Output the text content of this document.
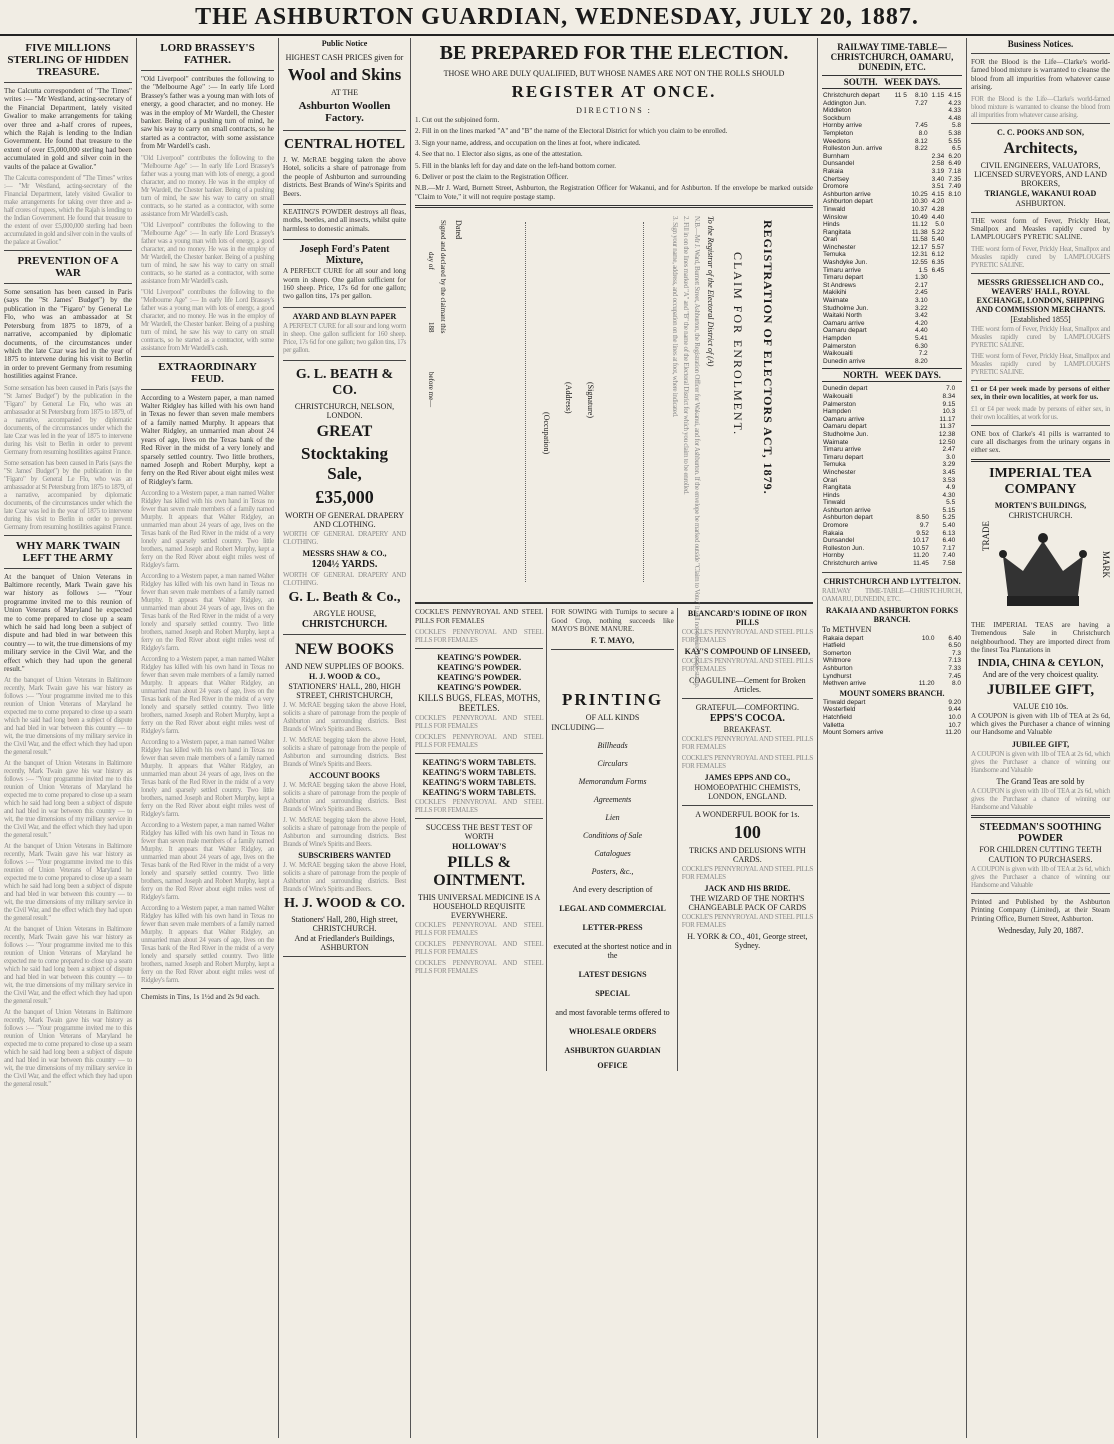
THE ASHBURTON GUARDIAN, WEDNESDAY, JULY 20, 1887.
FIVE MILLIONS STERLING OF HIDDEN TREASURE.

The Calcutta correspondent of "The Times" writes :— "Mr Westland, acting-secretary of the Financial Department, lately visited Gwalior to make arrangements for taking over three and a-half crores of rupees, which the Rajah is lending to the Indian Government. He found that treasure to the extent of over £5,000,000 sterling had been accumulated in gold and silver coin in the vaults of the palace at Gwalior."

The Calcutta correspondent of "The Times" writes :— "Mr Westland, acting-secretary of the Financial Department, lately visited Gwalior to make arrangements for taking over three and a-half crores of rupees, which the Rajah is lending to the Indian Government. He found that treasure to the extent of over £5,000,000 sterling had been accumulated in gold and silver coin in the vaults of the palace at Gwalior."

PREVENTION OF A WAR

Some sensation has been caused in Paris (says the "St James' Budget") by the publication in the "Figaro" by General Le Flo, who was an ambassador at St Petersburg from 1875 to 1879, of a narrative, accompanied by diplomatic documents, of the circumstances under which the late Czar was led in the year of 1875 to intervene during his visit to Berlin in order to prevent Germany from resuming hostilities against France.

Some sensation has been caused in Paris (says the "St James' Budget") by the publication in the "Figaro" by General Le Flo, who was an ambassador at St Petersburg from 1875 to 1879, of a narrative, accompanied by diplomatic documents, of the circumstances under which the late Czar was led in the year of 1875 to intervene during his visit to Berlin in order to prevent Germany from resuming hostilities against France.

Some sensation has been caused in Paris (says the "St James' Budget") by the publication in the "Figaro" by General Le Flo, who was an ambassador at St Petersburg from 1875 to 1879, of a narrative, accompanied by diplomatic documents, of the circumstances under which the late Czar was led in the year of 1875 to intervene during his visit to Berlin in order to prevent Germany from resuming hostilities against France.

WHY MARK TWAIN LEFT THE ARMY

At the banquet of Union Veterans in Baltimore recently, Mark Twain gave his war history as follows :— "Your programme invited me to this reunion of Union Veterans of Maryland he expected me to come prepared to close up a seam which he said had long been a subject of dispute and had bled in war between this country — to wit, the true dimensions of my military service in the Civil War, and the effect which they had upon the general result."

At the banquet of Union Veterans in Baltimore recently, Mark Twain gave his war history as follows :— "Your programme invited me to this reunion of Union Veterans of Maryland he expected me to come prepared to close up a seam which he said had long been a subject of dispute and had bled in war between this country — to wit, the true dimensions of my military service in the Civil War, and the effect which they had upon the general result."

At the banquet of Union Veterans in Baltimore recently, Mark Twain gave his war history as follows :— "Your programme invited me to this reunion of Union Veterans of Maryland he expected me to come prepared to close up a seam which he said had long been a subject of dispute and had bled in war between this country — to wit, the true dimensions of my military service in the Civil War, and the effect which they had upon the general result."

At the banquet of Union Veterans in Baltimore recently, Mark Twain gave his war history as follows :— "Your programme invited me to this reunion of Union Veterans of Maryland he expected me to come prepared to close up a seam which he said had long been a subject of dispute and had bled in war between this country — to wit, the true dimensions of my military service in the Civil War, and the effect which they had upon the general result."

At the banquet of Union Veterans in Baltimore recently, Mark Twain gave his war history as follows :— "Your programme invited me to this reunion of Union Veterans of Maryland he expected me to come prepared to close up a seam which he said had long been a subject of dispute and had bled in war between this country — to wit, the true dimensions of my military service in the Civil War, and the effect which they had upon the general result."

At the banquet of Union Veterans in Baltimore recently, Mark Twain gave his war history as follows :— "Your programme invited me to this reunion of Union Veterans of Maryland he expected me to come prepared to close up a seam which he said had long been a subject of dispute and had bled in war between this country — to wit, the true dimensions of my military service in the Civil War, and the effect which they had upon the general result."

LORD BRASSEY'S FATHER.

"Old Liverpool" contributes the following to the "Melbourne Age" :— In early life Lord Brassey's father was a young man with lots of energy, a good character, and no money. He was in the employ of Mr Wardell, the Chester banker. Being of a pushing turn of mind, he saw his way to carry on small contracts, so he started as a contractor, with some assistance from Mr Wardell's cash.

"Old Liverpool" contributes the following to the "Melbourne Age" :— In early life Lord Brassey's father was a young man with lots of energy, a good character, and no money. He was in the employ of Mr Wardell, the Chester banker. Being of a pushing turn of mind, he saw his way to carry on small contracts, so he started as a contractor, with some assistance from Mr Wardell's cash.

"Old Liverpool" contributes the following to the "Melbourne Age" :— In early life Lord Brassey's father was a young man with lots of energy, a good character, and no money. He was in the employ of Mr Wardell, the Chester banker. Being of a pushing turn of mind, he saw his way to carry on small contracts, so he started as a contractor, with some assistance from Mr Wardell's cash.

"Old Liverpool" contributes the following to the "Melbourne Age" :— In early life Lord Brassey's father was a young man with lots of energy, a good character, and no money. He was in the employ of Mr Wardell, the Chester banker. Being of a pushing turn of mind, he saw his way to carry on small contracts, so he started as a contractor, with some assistance from Mr Wardell's cash.

EXTRAORDINARY FEUD.

According to a Western paper, a man named Walter Ridgley has killed with his own hand in Texas no fewer than seven male members of a family named Murphy. It appears that Walter Ridgley, an unmarried man about 24 years of age, lives on the Texas bank of the Red River in the midst of a very lonely and sparsely settled country. Two little brothers, named Joseph and Robert Murphy, kept a ferry on the Red River about eight miles west of Ridgley's farm.

According to a Western paper, a man named Walter Ridgley has killed with his own hand in Texas no fewer than seven male members of a family named Murphy. It appears that Walter Ridgley, an unmarried man about 24 years of age, lives on the Texas bank of the Red River in the midst of a very lonely and sparsely settled country. Two little brothers, named Joseph and Robert Murphy, kept a ferry on the Red River about eight miles west of Ridgley's farm.

According to a Western paper, a man named Walter Ridgley has killed with his own hand in Texas no fewer than seven male members of a family named Murphy. It appears that Walter Ridgley, an unmarried man about 24 years of age, lives on the Texas bank of the Red River in the midst of a very lonely and sparsely settled country. Two little brothers, named Joseph and Robert Murphy, kept a ferry on the Red River about eight miles west of Ridgley's farm.

According to a Western paper, a man named Walter Ridgley has killed with his own hand in Texas no fewer than seven male members of a family named Murphy. It appears that Walter Ridgley, an unmarried man about 24 years of age, lives on the Texas bank of the Red River in the midst of a very lonely and sparsely settled country. Two little brothers, named Joseph and Robert Murphy, kept a ferry on the Red River about eight miles west of Ridgley's farm.

According to a Western paper, a man named Walter Ridgley has killed with his own hand in Texas no fewer than seven male members of a family named Murphy. It appears that Walter Ridgley, an unmarried man about 24 years of age, lives on the Texas bank of the Red River in the midst of a very lonely and sparsely settled country. Two little brothers, named Joseph and Robert Murphy, kept a ferry on the Red River about eight miles west of Ridgley's farm.

According to a Western paper, a man named Walter Ridgley has killed with his own hand in Texas no fewer than seven male members of a family named Murphy. It appears that Walter Ridgley, an unmarried man about 24 years of age, lives on the Texas bank of the Red River in the midst of a very lonely and sparsely settled country. Two little brothers, named Joseph and Robert Murphy, kept a ferry on the Red River about eight miles west of Ridgley's farm.

According to a Western paper, a man named Walter Ridgley has killed with his own hand in Texas no fewer than seven male members of a family named Murphy. It appears that Walter Ridgley, an unmarried man about 24 years of age, lives on the Texas bank of the Red River in the midst of a very lonely and sparsely settled country. Two little brothers, named Joseph and Robert Murphy, kept a ferry on the Red River about eight miles west of Ridgley's farm.

Chemists in Tins, 1s 1½d and 2s 9d each.

Public Notice
HIGHEST CASH PRICES given for
Wool and Skins
AT THE
Ashburton Woollen Factory.
CENTRAL HOTEL

J. W. McRAE begging taken the above Hotel, solicits a share of patronage from the people of Ashburton and surrounding districts. Best Brands of Wine's Spirits and Beers.

KEATING'S POWDER destroys all fleas, moths, beetles, and all insects, whilst quite harmless to domestic animals.

Joseph Ford's Patent Mixture,

A PERFECT CURE for all sour and long worm in sheep. One gallon sufficient for 160 sheep. Price, 17s 6d for one gallon; two gallon tins, 17s per gallon.

AYARD AND BLAYN PAPER

A PERFECT CURE for all sour and long worm in sheep. One gallon sufficient for 160 sheep. Price, 17s 6d for one gallon; two gallon tins, 17s per gallon.

G. L. BEATH & CO.
CHRISTCHURCH, NELSON, LONDON.
GREAT
Stocktaking Sale,
£35,000
WORTH OF GENERAL DRAPERY AND CLOTHING.

WORTH OF GENERAL DRAPERY AND CLOTHING.

MESSRS SHAW & CO.,
1204½ YARDS.

WORTH OF GENERAL DRAPERY AND CLOTHING.

G. L. Beath & Co.,
ARGYLE HOUSE,
CHRISTCHURCH.
NEW BOOKS
AND NEW SUPPLIES OF BOOKS.
H. J. WOOD & CO.,
STATIONERS' HALL, 280, HIGH STREET, CHRISTCHURCH,

J. W. McRAE begging taken the above Hotel, solicits a share of patronage from the people of Ashburton and surrounding districts. Best Brands of Wine's Spirits and Beers.

J. W. McRAE begging taken the above Hotel, solicits a share of patronage from the people of Ashburton and surrounding districts. Best Brands of Wine's Spirits and Beers.

ACCOUNT BOOKS

J. W. McRAE begging taken the above Hotel, solicits a share of patronage from the people of Ashburton and surrounding districts. Best Brands of Wine's Spirits and Beers.

J. W. McRAE begging taken the above Hotel, solicits a share of patronage from the people of Ashburton and surrounding districts. Best Brands of Wine's Spirits and Beers.

SUBSCRIBERS WANTED

J. W. McRAE begging taken the above Hotel, solicits a share of patronage from the people of Ashburton and surrounding districts. Best Brands of Wine's Spirits and Beers.

H. J. WOOD & CO.
Stationers' Hall, 280, High street, CHRISTCHURCH.
And at Friedlander's Buildings, ASHBURTON
BE PREPARED FOR THE ELECTION.
THOSE WHO ARE DULY QUALIFIED, BUT WHOSE NAMES ARE NOT ON THE ROLLS SHOULD
REGISTER AT ONCE.
DIRECTIONS :

1. Cut out the subjoined form.

2. Fill in on the lines marked "A" and "B" the name of the Electoral District for which you claim to be enrolled.

3. Sign your name, address, and occupation on the lines at foot, where indicated.

4. See that no. 1 Elector also signs, as one of the attestation.

5. Fill in the blanks left for day and date on the left-hand bottom corner.

6. Deliver or post the claim to the Registration Officer.

N.B.—Mr J. Ward, Burnett Street, Ashburton, the Registration Officer for Wakanui, and for Ashburton. If the envelope be marked outside "Claim to Vote," it will not require postage stamp.

REGISTRATION OF ELECTORS ACT, 1879.
CLAIM FOR ENROLMENT.
To the Registrar of the Electoral District of (A)
N.B.—Mr J. Ward, Burnett Street, Ashburton, the Registration Officer for Wakanui, and for Ashburton. If the envelope be marked outside "Claim to Vote," it will not require postage stamp.
2. Fill in on the lines marked "A" and "B" the name of the Electoral District for which you claim to be enrolled.
3. Sign your name, address, and occupation on the lines at foot, where indicated.
(Signature)
(Address)
(Occupation)
Dated
Signed and declared by the claimant this
day of
188
before me—

COCKLE'S PENNYROYAL AND STEEL PILLS FOR FEMALES

COCKLE'S PENNYROYAL AND STEEL PILLS FOR FEMALES

KEATING'S POWDER.
KEATING'S POWDER.
KEATING'S POWDER.
KEATING'S POWDER.
KILLS BUGS, FLEAS, MOTHS, BEETLES.

COCKLE'S PENNYROYAL AND STEEL PILLS FOR FEMALES

COCKLE'S PENNYROYAL AND STEEL PILLS FOR FEMALES

KEATING'S WORM TABLETS.
KEATING'S WORM TABLETS.
KEATING'S WORM TABLETS.
KEATING'S WORM TABLETS.

COCKLE'S PENNYROYAL AND STEEL PILLS FOR FEMALES

SUCCESS THE BEST TEST OF WORTH
HOLLOWAY'S
PILLS & OINTMENT.
THIS UNIVERSAL MEDICINE IS A HOUSEHOLD REQUISITE EVERYWHERE.

COCKLE'S PENNYROYAL AND STEEL PILLS FOR FEMALES

COCKLE'S PENNYROYAL AND STEEL PILLS FOR FEMALES

COCKLE'S PENNYROYAL AND STEEL PILLS FOR FEMALES

FOR SOWING with Turnips to secure a Good Crop, nothing succeeds like MAYO'S BONE MANURE.

F. T. MAYO,
PRINTING
OF ALL KINDS
INCLUDING—
Billheads
Circulars
Memorandum Forms
Agreements
Lien
Conditions of Sale
Catalogues
Posters, &c.,
And every description of
LEGAL AND COMMERCIAL
LETTER-PRESS
executed at the shortest notice and in the
LATEST DESIGNS
SPECIAL
and most favorable terms offered to
WHOLESALE ORDERS
ASHBURTON GUARDIAN
OFFICE
BLANCARD'S IODINE OF IRON PILLS

COCKLE'S PENNYROYAL AND STEEL PILLS FOR FEMALES

KAY'S COMPOUND OF LINSEED,

COCKLE'S PENNYROYAL AND STEEL PILLS FOR FEMALES

COAGULINE—Cement for Broken Articles.
GRATEFUL—COMFORTING.
EPPS'S COCOA.
BREAKFAST.

COCKLE'S PENNYROYAL AND STEEL PILLS FOR FEMALES

COCKLE'S PENNYROYAL AND STEEL PILLS FOR FEMALES

JAMES EPPS AND CO.,
HOMOEOPATHIC CHEMISTS, LONDON, ENGLAND.
A WONDERFUL BOOK for 1s.
100
TRICKS AND DELUSIONS WITH CARDS.

COCKLE'S PENNYROYAL AND STEEL PILLS FOR FEMALES

JACK AND HIS BRIDE.
THE WIZARD OF THE NORTH'S CHANGEABLE PACK OF CARDS

COCKLE'S PENNYROYAL AND STEEL PILLS FOR FEMALES

H. YORK & CO., 401, George street, Sydney.
RAILWAY TIME-TABLE—CHRISTCHURCH, OAMARU, DUNEDIN, ETC.
SOUTH. WEEK DAYS.
Christchurch depart	11 5	8.10	1.15	4.15
Addington Jun.		7.27		4.23
Middleton				4.33
Sockburn				4.48
Hornby arrive		7.45		5.8
Templeton		8.0		5.38
Weedons		8.12		5.55
Rolleston Jun. arrive		8.22		6.5
Burnham			2.34	6.20
Dunsandel			2.58	6.49
Rakaia			3.19	7.18
Chertsey			3.40	7.35
Dromore			3.51	7.49
Ashburton arrive		10.25	4.15	8.10
Ashburton depart		10.30	4.20	
Tinwald		10.37	4.28	
Winslow		10.49	4.40	
Hinds		11.12	5.0	
Rangitata		11.38	5.22	
Orari		11.58	5.40	
Winchester		12.17	5.57	
Temuka		12.31	6.12	
Washdyke Jun.		12.55	6.35	
Timaru arrive		1.5	6.45	
Timaru depart		1.30		
St Andrews		2.17		
Makikihi		2.45		
Waimate		3.10		
Studholme Jun.		3.22		
Waitaki North		3.42		
Oamaru arrive		4.20		
Oamaru depart		4.40		
Hampden		5.41		
Palmerston		6.30		
Waikouaiti		7.2		
Dunedin arrive		8.20		
NORTH. WEEK DAYS.
Dunedin depart		7.0		
Waikouaiti		8.34		
Palmerston		9.15		
Hampden		10.3		
Oamaru arrive		11.17		
Oamaru depart		11.37		
Studholme Jun.		12.38		
Waimate		12.50		
Timaru arrive		2.47		
Timaru depart		3.0		
Temuka		3.29		
Winchester		3.45		
Orari		3.53		
Rangitata		4.9		
Hinds		4.30		
Tinwald		5.5		
Ashburton arrive		5.15		
Ashburton depart	8.50	5.25		
Dromore	9.7	5.40		
Rakaia	9.52	6.13		
Dunsandel	10.17	6.40		
Rolleston Jun.	10.57	7.17		
Hornby	11.20	7.40		
Christchurch arrive	11.45	7.58		
CHRISTCHURCH AND LYTTELTON.

RAILWAY TIME-TABLE—CHRISTCHURCH, OAMARU, DUNEDIN, ETC.

RAKAIA AND ASHBURTON FORKS BRANCH.
To METHVEN
Rakaia depart	10.0	6.40
Hatfield		6.50
Somerton		7.3
Whitmore		7.13
Ashburton		7.33
Lyndhurst		7.45
Methven arrive	11.20	8.0
MOUNT SOMERS BRANCH.
Tinwald depart		9.20
Westerfield		9.44
Hatchfield		10.0
Valletta		10.7
Mount Somers arrive		11.20
Business Notices.

FOR the Blood is the Life—Clarke's world-famed blood mixture is warranted to cleanse the blood from all impurities from whatever cause arising.

FOR the Blood is the Life—Clarke's world-famed blood mixture is warranted to cleanse the blood from all impurities from whatever cause arising.

C. C. POOKS AND SON,
Architects,
CIVIL ENGINEERS, VALUATORS, LICENSED SURVEYORS, AND LAND BROKERS,
TRIANGLE, WAKANUI ROAD
ASHBURTON.

THE worst form of Fever, Prickly Heat, Smallpox and Measles rapidly cured by LAMPLOUGH'S PYRETIC SALINE.

THE worst form of Fever, Prickly Heat, Smallpox and Measles rapidly cured by LAMPLOUGH'S PYRETIC SALINE.

MESSRS GRIESSELICH AND CO., WEAVERS' HALL, ROYAL EXCHANGE, LONDON, SHIPPING AND COMMISSION MERCHANTS.
[Established 1855]

THE worst form of Fever, Prickly Heat, Smallpox and Measles rapidly cured by LAMPLOUGH'S PYRETIC SALINE.

THE worst form of Fever, Prickly Heat, Smallpox and Measles rapidly cured by LAMPLOUGH'S PYRETIC SALINE.

£1 or £4 per week made by persons of either sex, in their own localities, at work for us.

£1 or £4 per week made by persons of either sex, in their own localities, at work for us.

ONE box of Clarke's 41 pills is warranted to cure all discharges from the urinary organs in either sex.

IMPERIAL TEA COMPANY
MORTEN'S BUILDINGS,
CHRISTCHURCH.
TRADE
MARK

THE IMPERIAL TEAS are having a Tremendous Sale in Christchurch neighbourhood. They are imported direct from the finest Tea Plantations in

INDIA, CHINA & CEYLON,
And are of the very choicest quality.
JUBILEE GIFT,
VALUE £10 10s.

A COUPON is given with 1lb of TEA at 2s 6d, which gives the Purchaser a chance of winning our Handsome and Valuable

JUBILEE GIFT,

A COUPON is given with 1lb of TEA at 2s 6d, which gives the Purchaser a chance of winning our Handsome and Valuable

The Grand Teas are sold by

A COUPON is given with 1lb of TEA at 2s 6d, which gives the Purchaser a chance of winning our Handsome and Valuable

STEEDMAN'S SOOTHING POWDER
FOR CHILDREN CUTTING TEETH
CAUTION TO PURCHASERS.

A COUPON is given with 1lb of TEA at 2s 6d, which gives the Purchaser a chance of winning our Handsome and Valuable

Printed and Published by the Ashburton Printing Company (Limited), at their Steam Printing Office, Burnett Street, Ashburton.

Wednesday, July 20, 1887.
